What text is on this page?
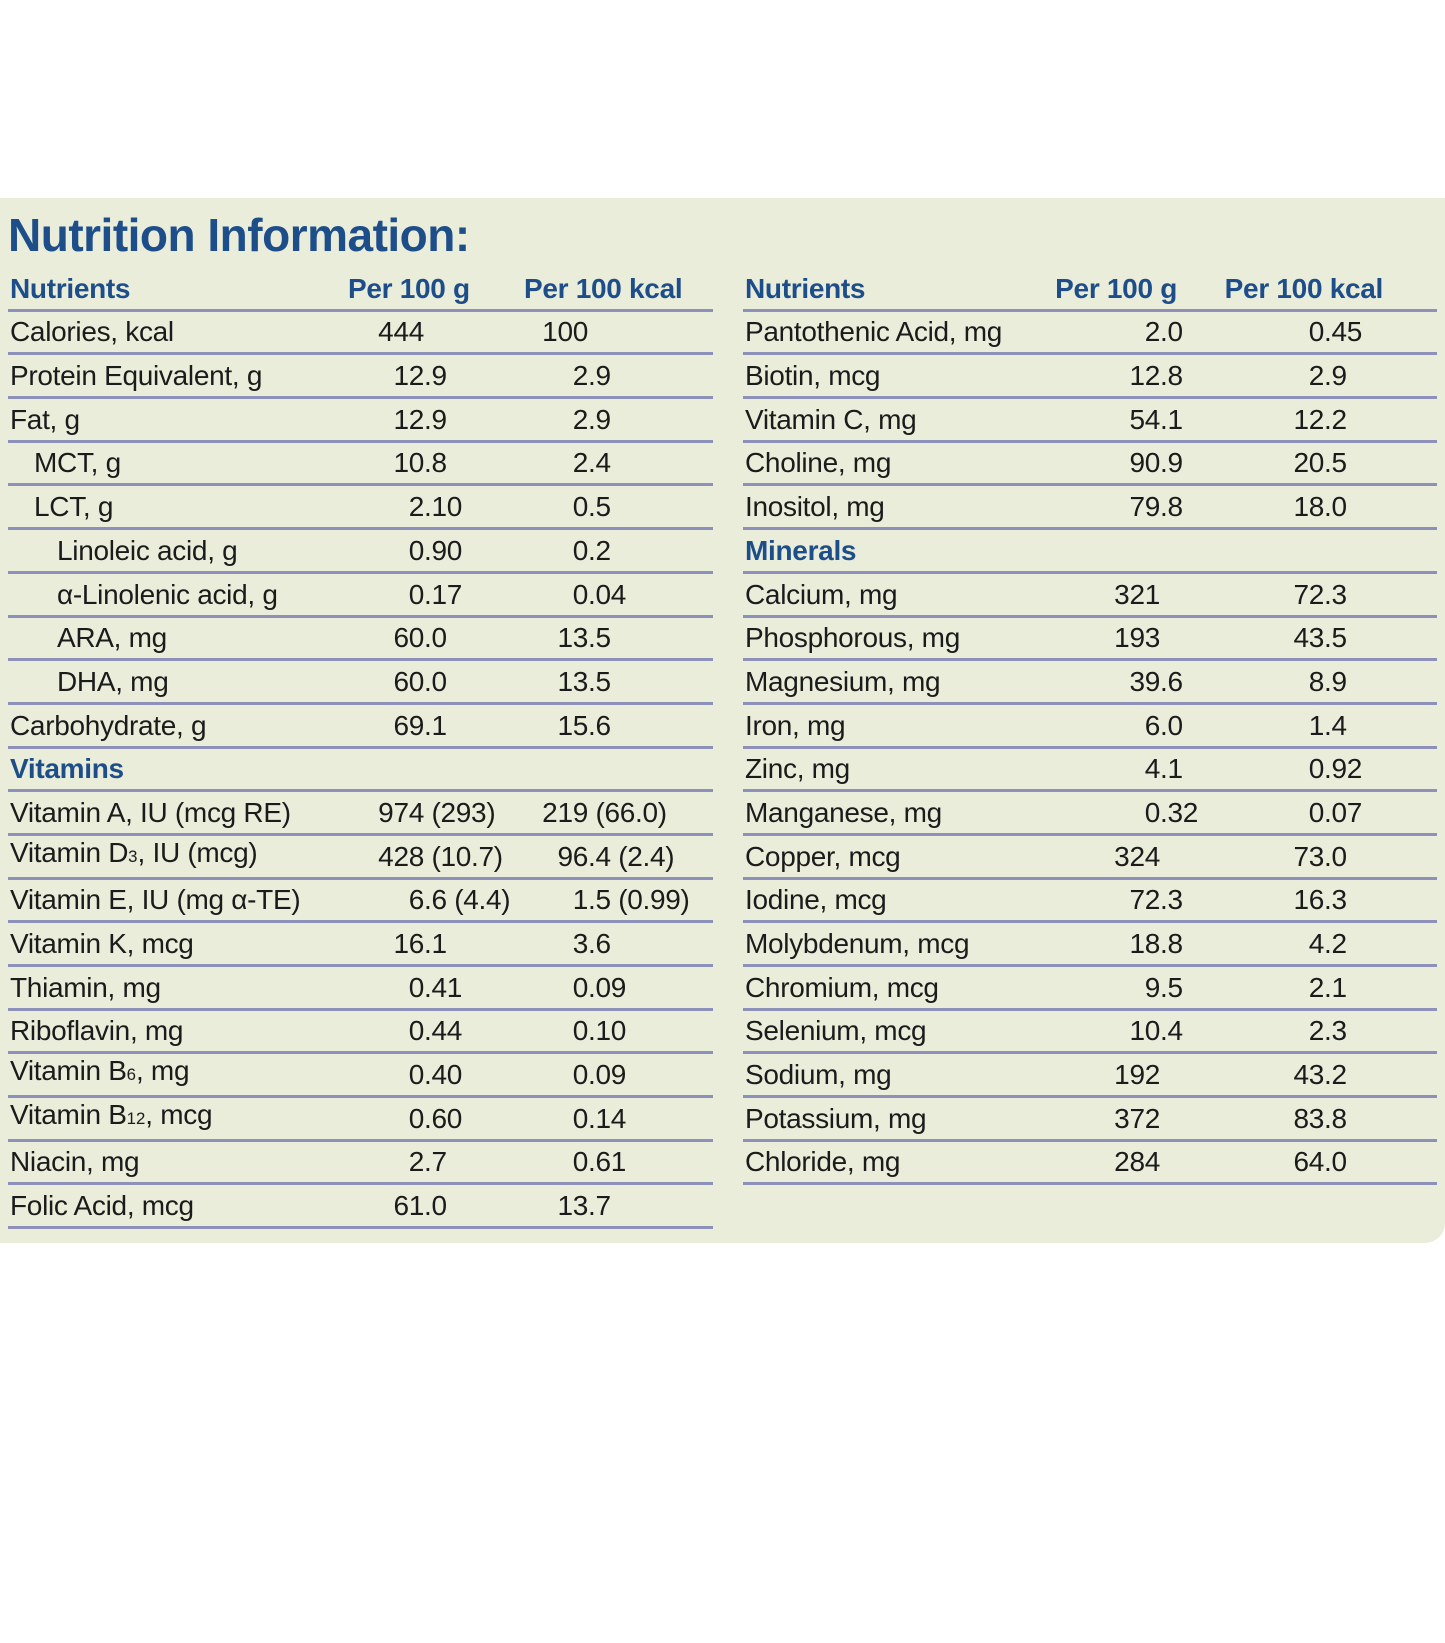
Nutrition Information:
Nutrients	Per 100 g	Per 100 kcal
Calories, kcal	444	100
Protein Equivalent, g	12 .9	2 .9
Fat, g	12 .9	2 .9
MCT, g	10 .8	2 .4
LCT, g	2 .10	0 .5
Linoleic acid, g	0 .90	0 .2
α-Linolenic acid, g	0 .17	0 .04
ARA, mg	60 .0	13 .5
DHA, mg	60 .0	13 .5
Carbohydrate, g	69 .1	15 .6
Vitamins
Vitamin A, IU (mcg RE)	974 (293)	219 (66.0)
Vitamin D3, IU (mcg)	428 (10.7)	96 .4 (2.4)
Vitamin E, IU (mg α-TE)	6 .6 (4.4)	1 .5 (0.99)
Vitamin K, mcg	16 .1	3 .6
Thiamin, mg	0 .41	0 .09
Riboflavin, mg	0 .44	0 .10
Vitamin B6, mg	0 .40	0 .09
Vitamin B12, mcg	0 .60	0 .14
Niacin, mg	2 .7	0 .61
Folic Acid, mcg	61 .0	13 .7
Nutrients	Per 100 g	Per 100 kcal
Pantothenic Acid, mg	2 .0	0 .45
Biotin, mcg	12 .8	2 .9
Vitamin C, mg	54 .1	12 .2
Choline, mg	90 .9	20 .5
Inositol, mg	79 .8	18 .0
Minerals
Calcium, mg	321	72 .3
Phosphorous, mg	193	43 .5
Magnesium, mg	39 .6	8 .9
Iron, mg	6 .0	1 .4
Zinc, mg	4 .1	0 .92
Manganese, mg	0 .32	0 .07
Copper, mcg	324	73 .0
Iodine, mcg	72 .3	16 .3
Molybdenum, mcg	18 .8	4 .2
Chromium, mcg	9 .5	2 .1
Selenium, mcg	10 .4	2 .3
Sodium, mg	192	43 .2
Potassium, mg	372	83 .8
Chloride, mg	284	64 .0
